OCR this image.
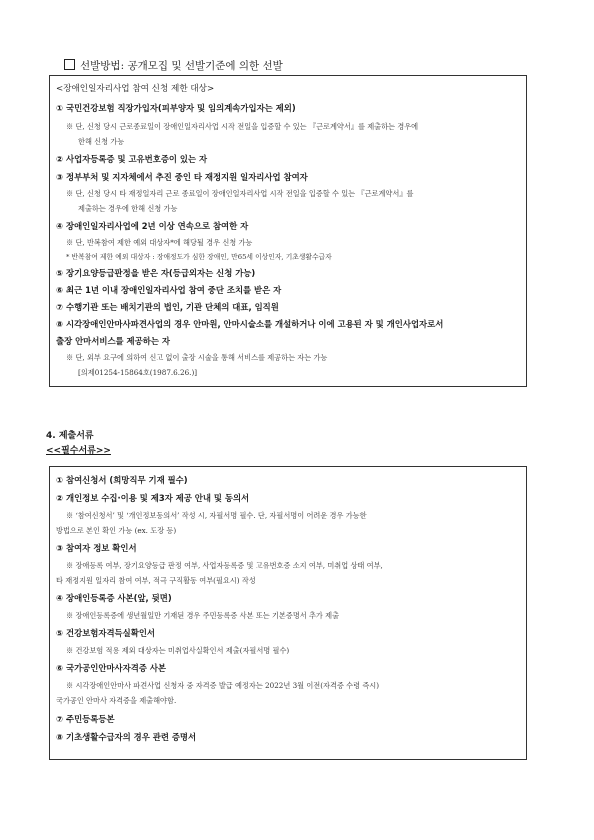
선발방법: 공개모집 및 선발기준에 의한 선발
<장애인일자리사업 참여 신청 제한 대상>
① 국민건강보험 직장가입자(피부양자 및 임의계속가입자는 제외)
※ 단, 신청 당시 근로종료일이 장애인일자리사업 시작 전일을 입증할 수 있는 『근로계약서』를 제출하는 경우에
한해 신청 가능
② 사업자등록증 및 고유번호증이 있는 자
③ 정부부처 및 지자체에서 추진 중인 타 재정지원 일자리사업 참여자
※ 단, 신청 당시 타 재정일자리 근로 종료일이 장애인일자리사업 시작 전일을 입증할 수 있는 『근로계약서』를
제출하는 경우에 한해 신청 가능
④ 장애인일자리사업에 2년 이상 연속으로 참여한 자
※ 단, 반복참여 제한 예외 대상자*에 해당될 경우 신청 가능
* 반복참여 제한 예외 대상자 : 장애정도가 심한 장애인, 만65세 이상인자, 기초생활수급자
⑤ 장기요양등급판정을 받은 자(등급외자는 신청 가능)
⑥ 최근 1년 이내 장애인일자리사업 참여 중단 조치를 받은 자
⑦ 수행기관 또는 배치기관의 법인, 기관 단체의 대표, 임직원
⑧ 시각장애인안마사파견사업의 경우 안마원, 안마시술소를 개설하거나 이에 고용된 자 및 개인사업자로서
출장 안마서비스를 제공하는 자
※ 단, 외부 요구에 의하여 신고 없이 출장 시술을 통해 서비스를 제공하는 자는 가능
[의제01254-15864호(1987.6.26.)]
4. 제출서류
<<필수서류>>
① 참여신청서 (희망직무 기재 필수)
② 개인정보 수집·이용 및 제3자 제공 안내 및 동의서
※ ‘참여신청서’ 및 ‘개인정보동의서’ 작성 시, 자필서명 필수. 단, 자필서명이 어려운 경우 가능한
방법으로 본인 확인 가능 (ex. 도장 등)
③ 참여자 정보 확인서
※ 장애등록 여부, 장기요양등급 판정 여부, 사업자등록증 및 고유번호증 소지 여부, 미취업 상태 여부,
타 재정지원 일자리 참여 여부, 적극 구직활동 여부(필요시) 작성
④ 장애인등록증 사본(앞, 뒷면)
※ 장애인등록증에 생년월일만 기재된 경우 주민등록증 사본 또는 기본증명서 추가 제출
⑤ 건강보험자격득실확인서
※ 건강보험 적용 제외 대상자는 미취업사실확인서 제출(자필서명 필수)
⑥ 국가공인안마사자격증 사본
※ 시각장애인안마사 파견사업 신청자 중 자격증 발급 예정자는 2022년 3월 이전(자격증 수령 즉시)
국가공인 안마사 자격증을 제출해야함.
⑦ 주민등록등본
⑧ 기초생활수급자의 경우 관련 증명서
